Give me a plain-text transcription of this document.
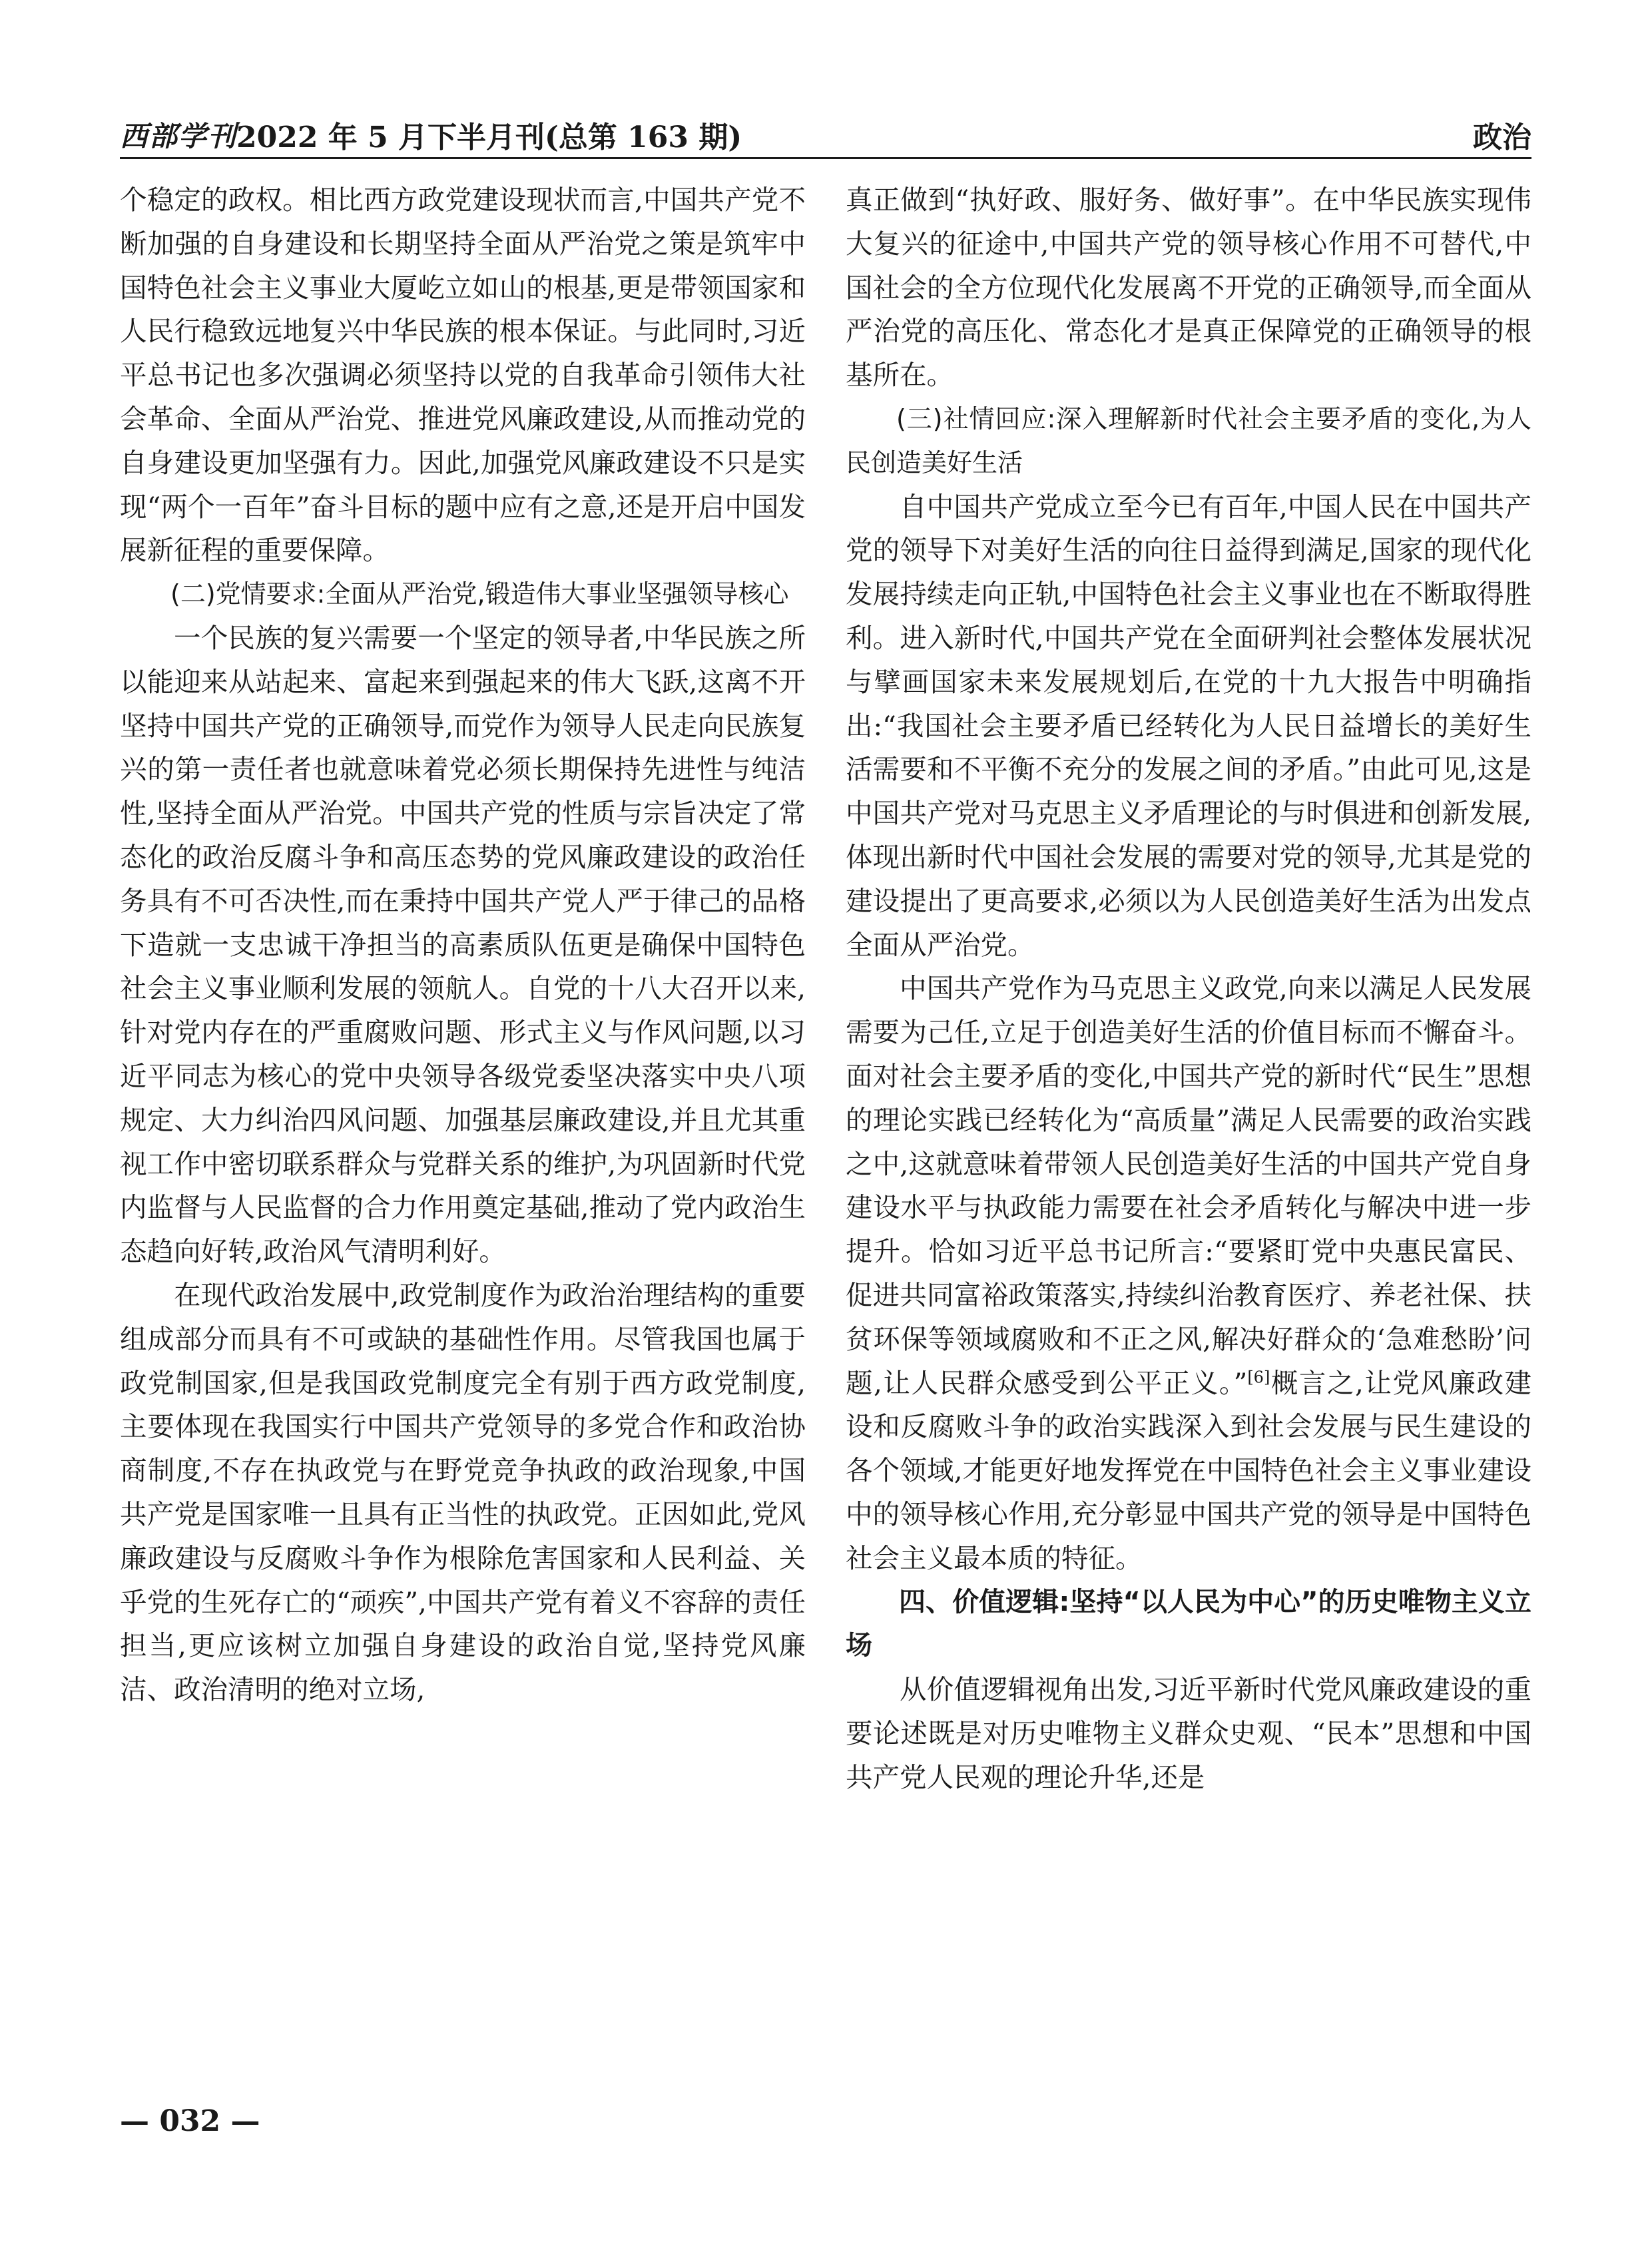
西部学刊
2022 年 5 月下半月刊(总第 163 期)	政治

个稳定的政权。相比西方政党建设现状而言,中国共产党不断加强的自身建设和长期坚持全面从严治党之策是筑牢中国特色社会主义事业大厦屹立如山的根基,更是带领国家和人民行稳致远地复兴中华民族的根本保证。与此同时,习近平总书记也多次强调必须坚持以党的自我革命引领伟大社会革命、全面从严治党、推进党风廉政建设,从而推动党的自身建设更加坚强有力。因此,加强党风廉政建设不只是实现“两个一百年”奋斗目标的题中应有之意,还是开启中国发展新征程的重要保障。

(二)党情要求:全面从严治党,锻造伟大事业坚强领导核心

一个民族的复兴需要一个坚定的领导者,中华民族之所以能迎来从站起来、富起来到强起来的伟大飞跃,这离不开坚持中国共产党的正确领导,而党作为领导人民走向民族复兴的第一责任者也就意味着党必须长期保持先进性与纯洁性,坚持全面从严治党。中国共产党的性质与宗旨决定了常态化的政治反腐斗争和高压态势的党风廉政建设的政治任务具有不可否决性,而在秉持中国共产党人严于律己的品格下造就一支忠诚干净担当的高素质队伍更是确保中国特色社会主义事业顺利发展的领航人。自党的十八大召开以来,针对党内存在的严重腐败问题、形式主义与作风问题,以习近平同志为核心的党中央领导各级党委坚决落实中央八项规定、大力纠治四风问题、加强基层廉政建设,并且尤其重视工作中密切联系群众与党群关系的维护,为巩固新时代党内监督与人民监督的合力作用奠定基础,推动了党内政治生态趋向好转,政治风气清明利好。

在现代政治发展中,政党制度作为政治治理结构的重要组成部分而具有不可或缺的基础性作用。尽管我国也属于政党制国家,但是我国政党制度完全有别于西方政党制度,主要体现在我国实行中国共产党领导的多党合作和政治协商制度,不存在执政党与在野党竞争执政的政治现象,中国共产党是国家唯一且具有正当性的执政党。正因如此,党风廉政建设与反腐败斗争作为根除危害国家和人民利益、关乎党的生死存亡的“顽疾”,中国共产党有着义不容辞的责任担当,更应该树立加强自身建设的政治自觉,坚持党风廉洁、政治清明的绝对立场,

真正做到“执好政、服好务、做好事”。在中华民族实现伟大复兴的征途中,中国共产党的领导核心作用不可替代,中国社会的全方位现代化发展离不开党的正确领导,而全面从严治党的高压化、常态化才是真正保障党的正确领导的根基所在。

(三)社情回应:深入理解新时代社会主要矛盾的变化,为人民创造美好生活

自中国共产党成立至今已有百年,中国人民在中国共产党的领导下对美好生活的向往日益得到满足,国家的现代化发展持续走向正轨,中国特色社会主义事业也在不断取得胜利。进入新时代,中国共产党在全面研判社会整体发展状况与擘画国家未来发展规划后,在党的十九大报告中明确指出:“我国社会主要矛盾已经转化为人民日益增长的美好生活需要和不平衡不充分的发展之间的矛盾。”由此可见,这是中国共产党对马克思主义矛盾理论的与时俱进和创新发展,体现出新时代中国社会发展的需要对党的领导,尤其是党的建设提出了更高要求,必须以为人民创造美好生活为出发点全面从严治党。

中国共产党作为马克思主义政党,向来以满足人民发展需要为己任,立足于创造美好生活的价值目标而不懈奋斗。面对社会主要矛盾的变化,中国共产党的新时代“民生”思想的理论实践已经转化为“高质量”满足人民需要的政治实践之中,这就意味着带领人民创造美好生活的中国共产党自身建设水平与执政能力需要在社会矛盾转化与解决中进一步提升。恰如习近平总书记所言:“要紧盯党中央惠民富民、促进共同富裕政策落实,持续纠治教育医疗、养老社保、扶贫环保等领域腐败和不正之风,解决好群众的‘急难愁盼’问题,让人民群众感受到公平正义。”[6]概言之,让党风廉政建设和反腐败斗争的政治实践深入到社会发展与民生建设的各个领域,才能更好地发挥党在中国特色社会主义事业建设中的领导核心作用,充分彰显中国共产党的领导是中国特色社会主义最本质的特征。

四、价值逻辑:坚持“以人民为中心”的历史唯物主义立场

从价值逻辑视角出发,习近平新时代党风廉政建设的重要论述既是对历史唯物主义群众史观、“民本”思想和中国共产党人民观的理论升华,还是

— 032 —
